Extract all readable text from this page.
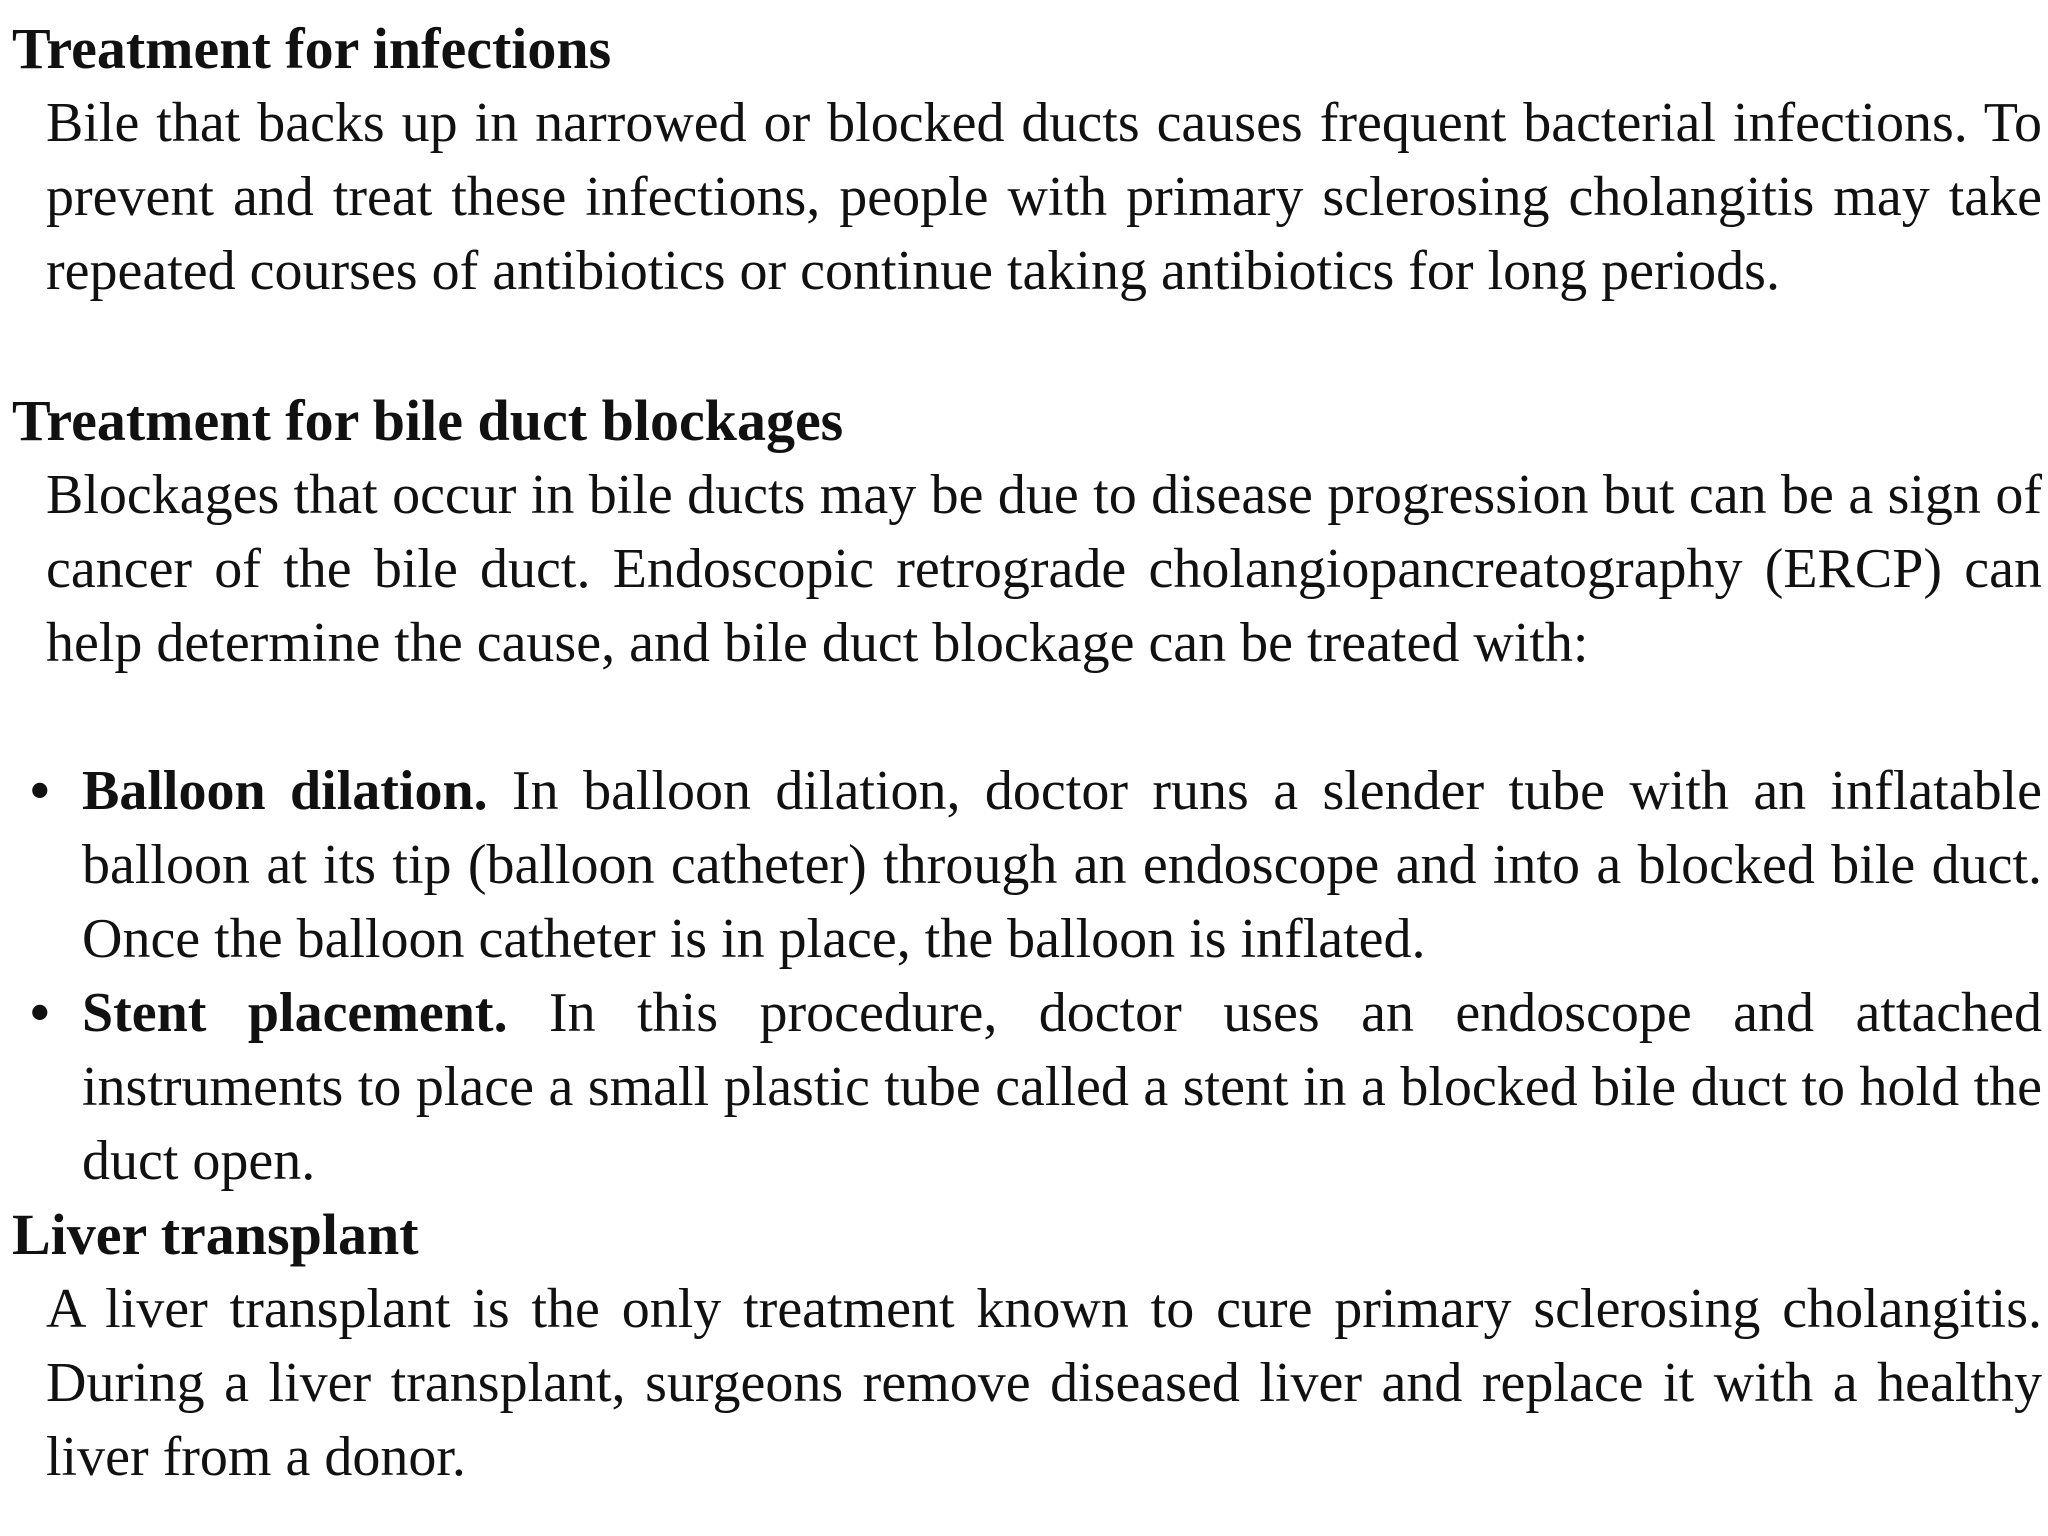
Treatment for infections

Bile that backs up in narrowed or blocked ducts causes frequent bacterial infections. To prevent and treat these infections, people with primary sclerosing cholangitis may take repeated courses of antibiotics or continue taking antibiotics for long periods.

Treatment for bile duct blockages

Blockages that occur in bile ducts may be due to disease progression but can be a sign of cancer of the bile duct. Endoscopic retrograde cholangiopancreatography (ERCP) can help determine the cause, and bile duct blockage can be treated with:

• Balloon dilation. In balloon dilation, doctor runs a slender tube with an inflatable balloon at its tip (balloon catheter) through an endoscope and into a blocked bile duct. Once the balloon catheter is in place, the balloon is inflated.

• Stent placement. In this procedure, doctor uses an endoscope and attached instruments to place a small plastic tube called a stent in a blocked bile duct to hold the duct open.

Liver transplant

A liver transplant is the only treatment known to cure primary sclerosing cholangitis. During a liver transplant, surgeons remove diseased liver and replace it with a healthy liver from a donor.
